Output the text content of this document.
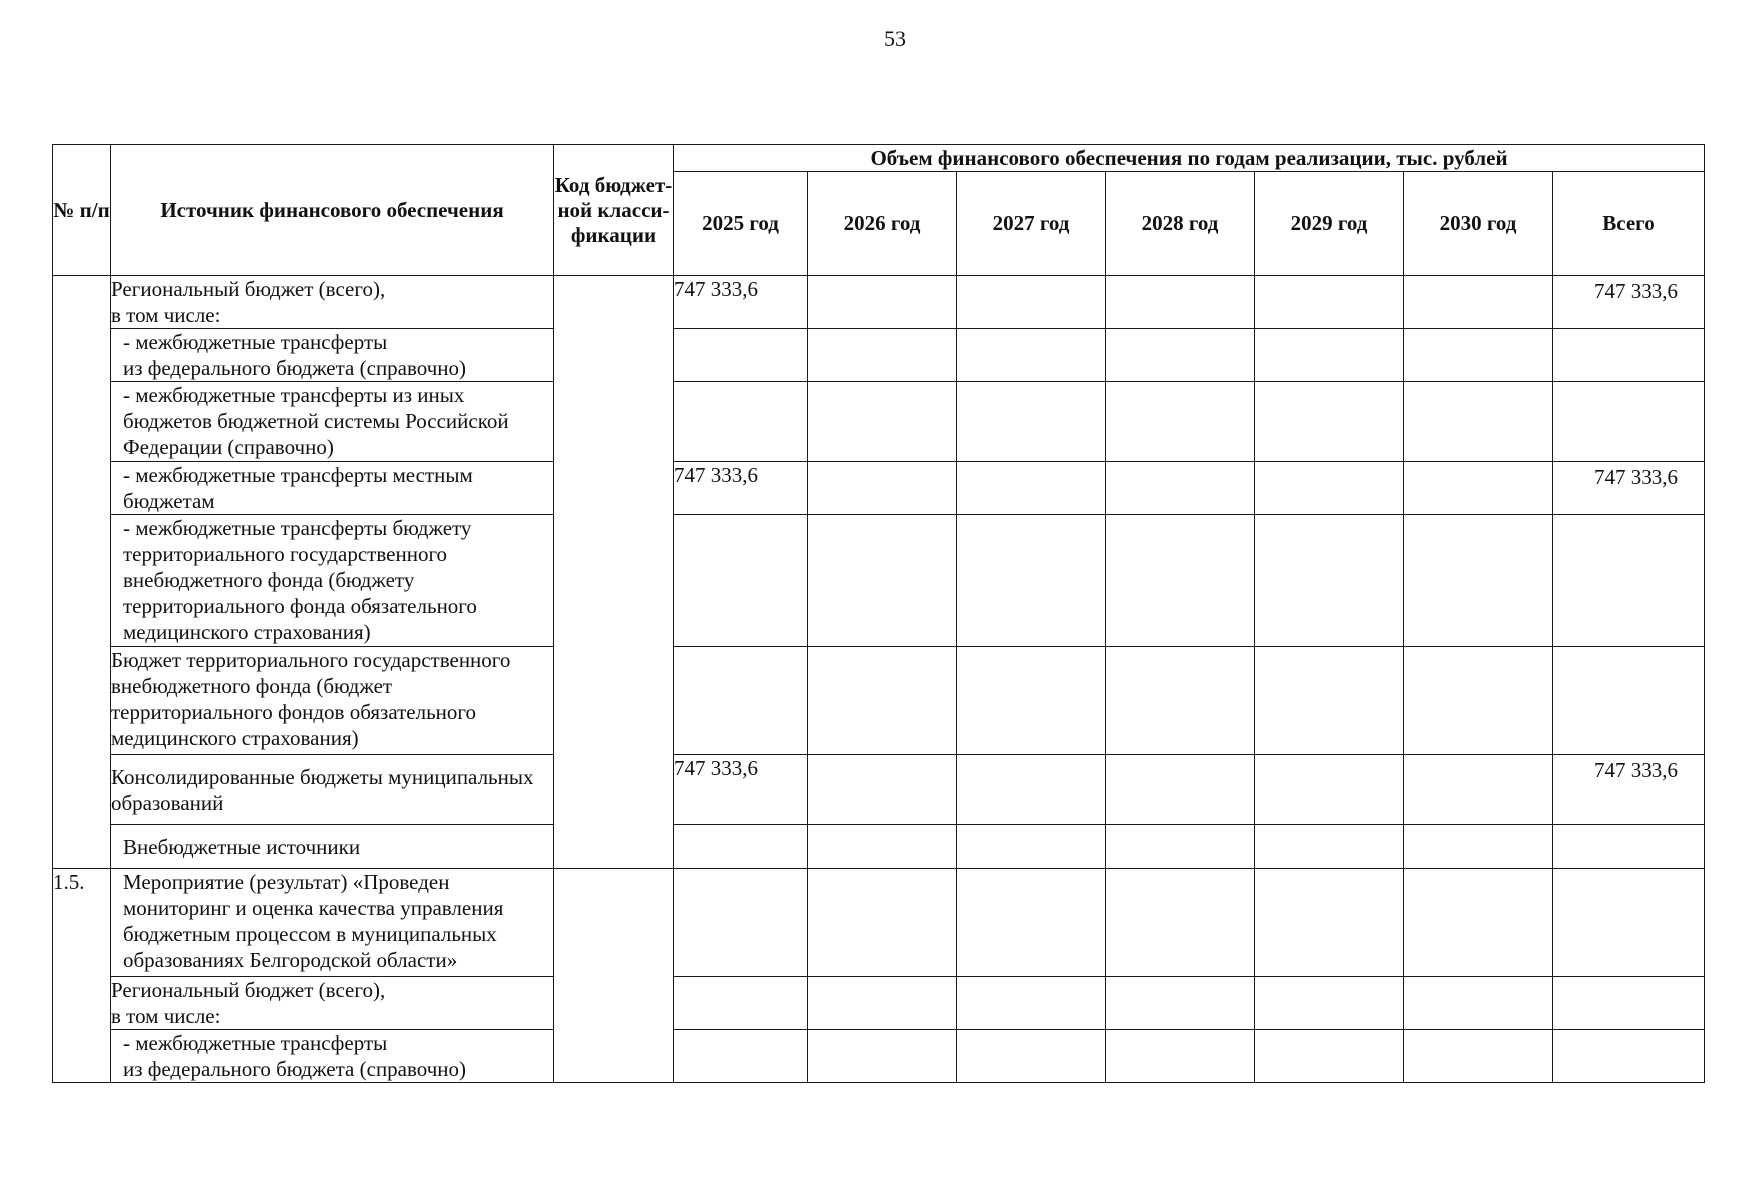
53
№ п/п	Источник финансового обеспечения	Код бюджет-ной класси-фикации	Объем финансового обеспечения по годам реализации, тыс. рублей						
			2025 год	2026 год	2027 год	2028 год	2029 год	2030 год	Всего
	Региональный бюджет (всего),
в том числе:		747 333,6						747 333,6
	- межбюджетные трансферты
из федерального бюджета (справочно)								
	- межбюджетные трансферты из иных бюджетов бюджетной системы Российской Федерации (справочно)								
	- межбюджетные трансферты местным бюджетам		747 333,6						747 333,6
	- межбюджетные трансферты бюджету территориального государственного внебюджетного фонда (бюджету территориального фонда обязательного медицинского страхования)								
	Бюджет территориального государственного внебюджетного фонда (бюджет территориального фондов обязательного медицинского страхования)								
	Консолидированные бюджеты муниципальных образований		747 333,6						747 333,6
	Внебюджетные источники								
1.5.	Мероприятие (результат) «Проведен мониторинг и оценка качества управления бюджетным процессом в муниципальных образованиях Белгородской области»								
	Региональный бюджет (всего),
в том числе:								
	- межбюджетные трансферты
из федерального бюджета (справочно)								
